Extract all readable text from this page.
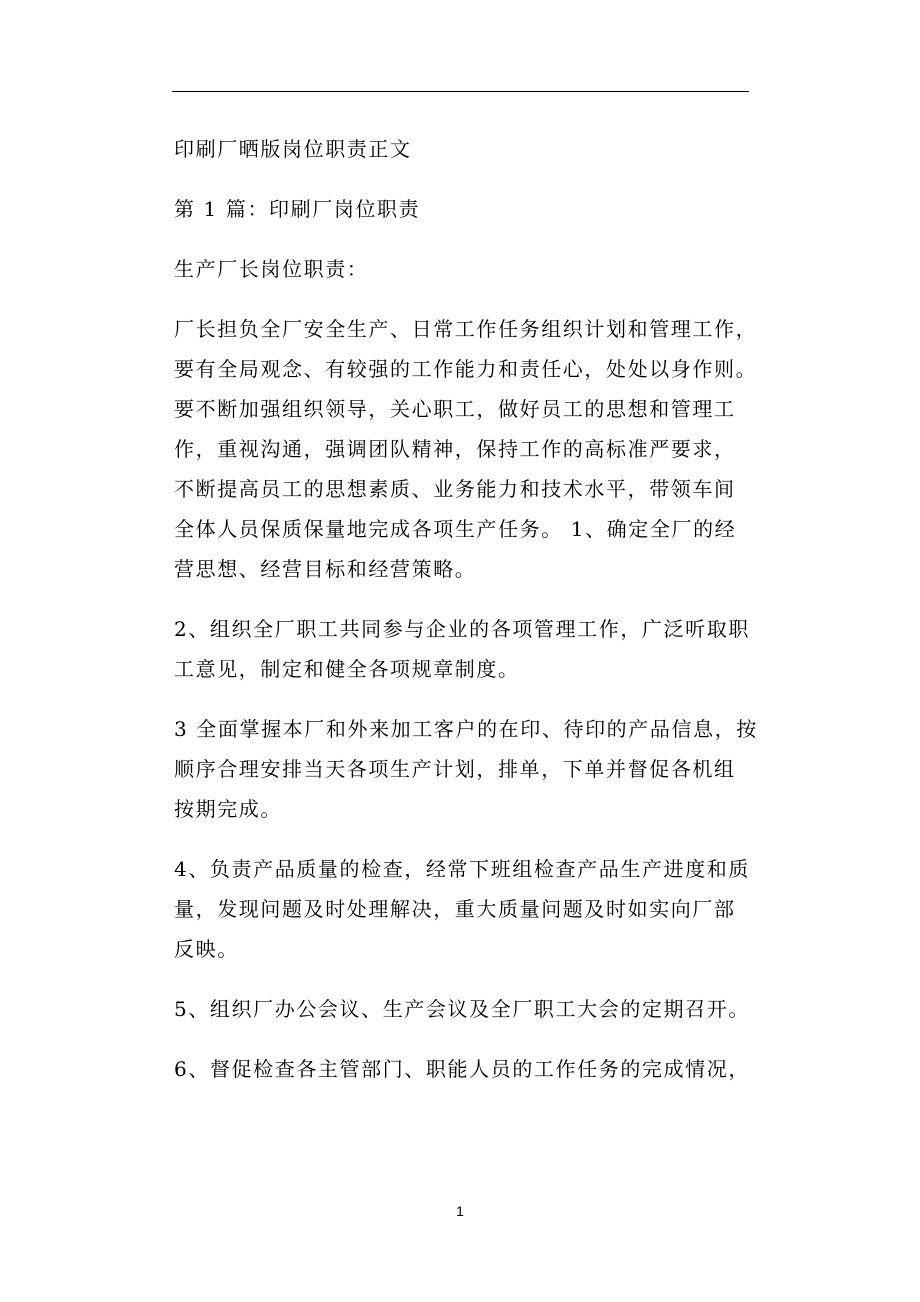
印刷厂晒版岗位职责正文
第 1 篇：印刷厂岗位职责
生产厂长岗位职责：
厂长担负全厂安全生产、日常工作任务组织计划和管理工作，
要有全局观念、有较强的工作能力和责任心，处处以身作则。
要不断加强组织领导，关心职工，做好员工的思想和管理工
作，重视沟通，强调团队精神，保持工作的高标准严要求，
不断提高员工的思想素质、业务能力和技术水平，带领车间
全体人员保质保量地完成各项生产任务。 1、确定全厂的经
营思想、经营目标和经营策略。
2、组织全厂职工共同参与企业的各项管理工作，广泛听取职
工意见，制定和健全各项规章制度。
3 全面掌握本厂和外来加工客户的在印、待印的产品信息，按
顺序合理安排当天各项生产计划，排单，下单并督促各机组
按期完成。
4、负责产品质量的检查，经常下班组检查产品生产进度和质
量，发现问题及时处理解决，重大质量问题及时如实向厂部
反映。
5、组织厂办公会议、生产会议及全厂职工大会的定期召开。
6、督促检查各主管部门、职能人员的工作任务的完成情况，
1
